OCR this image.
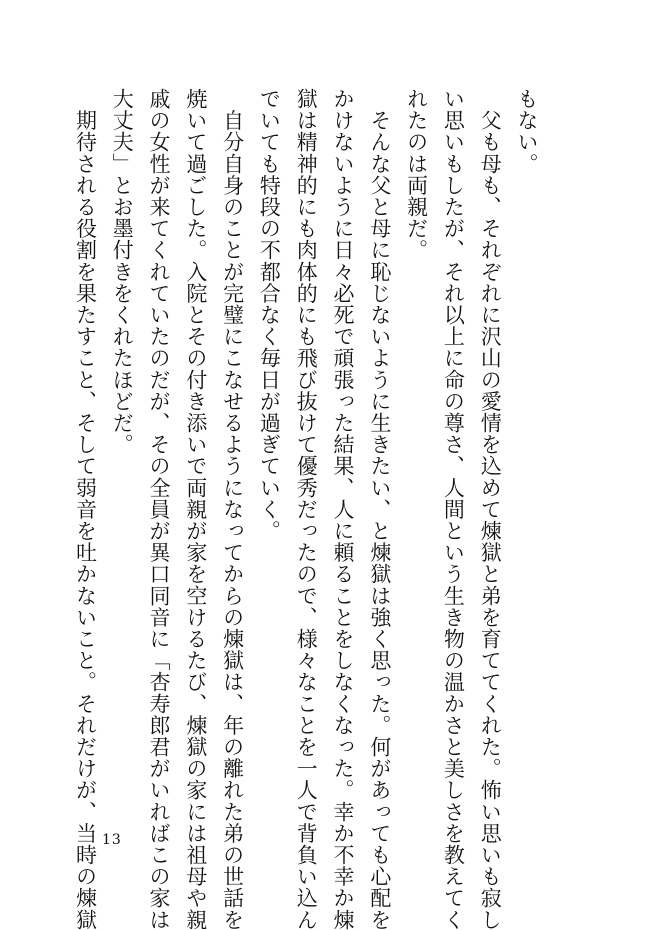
もない。
　父も母も、それぞれに沢山の愛情を込めて煉獄と弟を育ててくれた。怖い思いも寂し
い思いもしたが、それ以上に命の尊さ、人間という生き物の温かさと美しさを教えてく
れたのは両親だ。
　そんな父と母に恥じないように生きたい、と煉獄は強く思った。何があっても心配を
かけないように日々必死で頑張った結果、人に頼ることをしなくなった。幸か不幸か煉
獄は精神的にも肉体的にも飛び抜けて優秀だったので、様々なことを一人で背負い込ん
でいても特段の不都合なく毎日が過ぎていく。
　自分自身のことが完璧にこなせるようになってからの煉獄は、年の離れた弟の世話を
焼いて過ごした。入院とその付き添いで両親が家を空けるたび、煉獄の家には祖母や親
戚の女性が来てくれていたのだが、その全員が異口同音に「杏寿郎君がいればこの家は
大丈夫」とお墨付きをくれたほどだ。
　期待される役割を果たすこと、そして弱音を吐かないこと。それだけが、当時の煉獄 13
